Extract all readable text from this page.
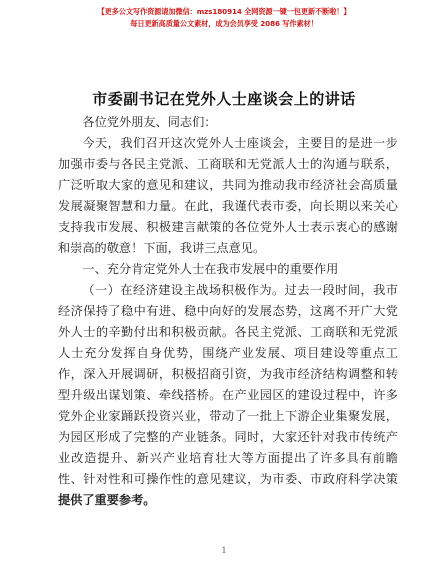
【更多公文写作资源请加微信：mzs180914 全网资源一键一包更新不断啦！】
每日更新高质量公文素材，成为会员享受 2086 写作素材！
市委副书记在党外人士座谈会上的讲话

各位党外朋友、同志们：

今天，我们召开这次党外人士座谈会，主要目的是进一步加强市委与各民主党派、工商联和无党派人士的沟通与联系，广泛听取大家的意见和建议，共同为推动我市经济社会高质量发展凝聚智慧和力量。在此，我谨代表市委，向长期以来关心支持我市发展、积极建言献策的各位党外人士表示衷心的感谢和崇高的敬意！下面，我讲三点意见。

一、充分肯定党外人士在我市发展中的重要作用

（一）在经济建设主战场积极作为。过去一段时间，我市经济保持了稳中有进、稳中向好的发展态势，这离不开广大党外人士的辛勤付出和积极贡献。各民主党派、工商联和无党派人士充分发挥自身优势，围绕产业发展、项目建设等重点工作，深入开展调研，积极招商引资，为我市经济结构调整和转型升级出谋划策、牵线搭桥。在产业园区的建设过程中，许多党外企业家踊跃投资兴业，带动了一批上下游企业集聚发展，为园区形成了完整的产业链条。同时，大家还针对我市传统产业改造提升、新兴产业培育壮大等方面提出了许多具有前瞻性、针对性和可操作性的意见建议，为市委、市政府科学决策提供了重要参考。

1
